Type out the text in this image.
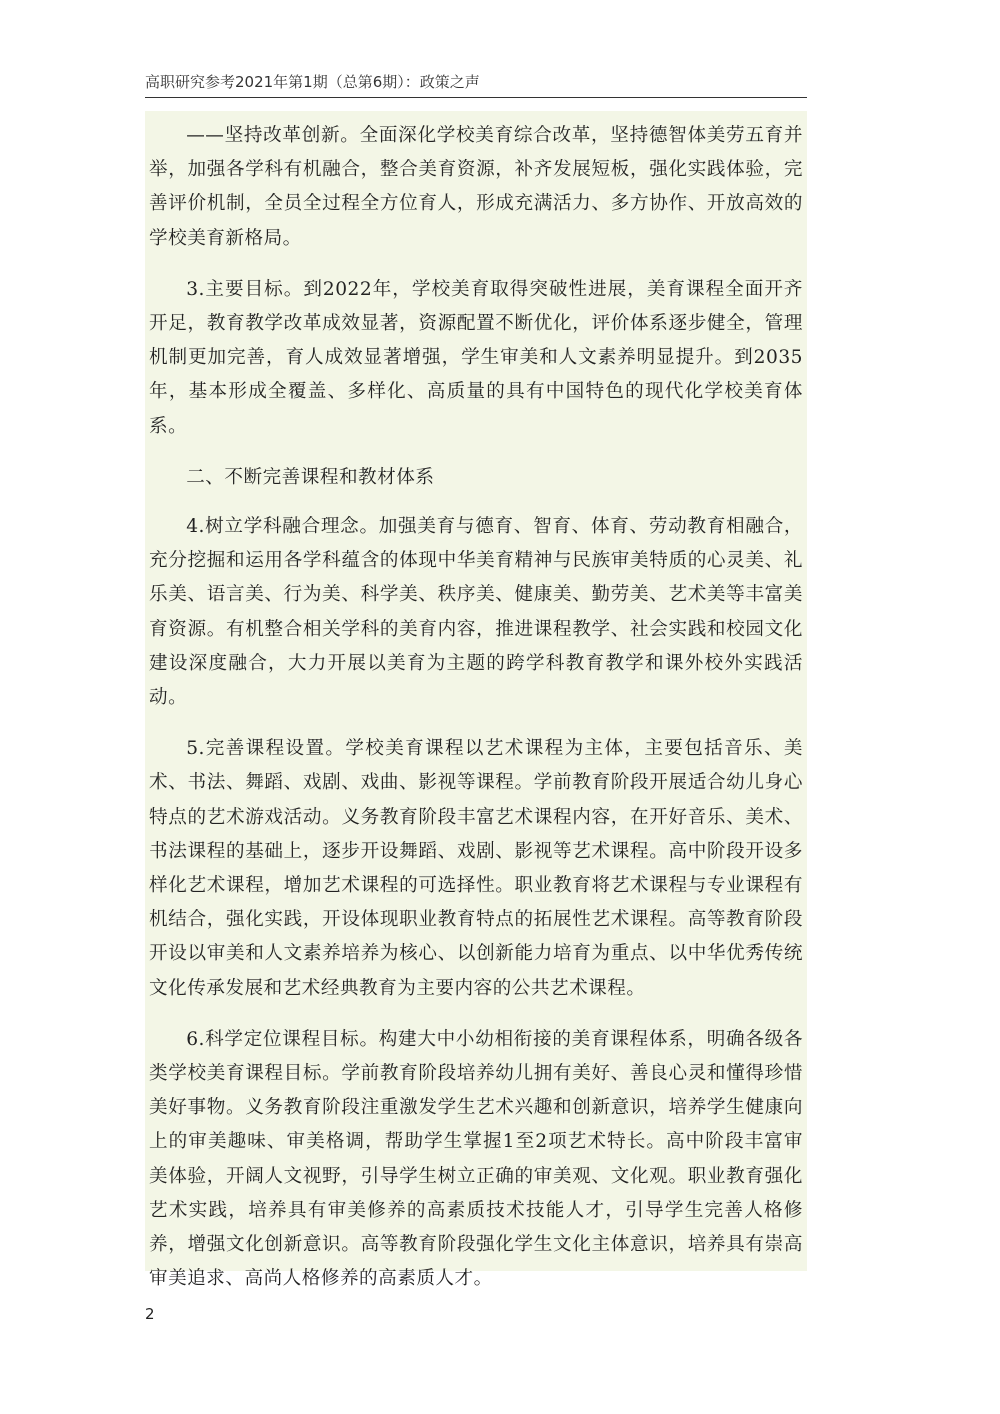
高职研究参考2021年第1期（总第6期）：政策之声

——坚持改革创新。全面深化学校美育综合改革，坚持德智体美劳五育并举，加强各学科有机融合，整合美育资源，补齐发展短板，强化实践体验，完善评价机制，全员全过程全方位育人，形成充满活力、多方协作、开放高效的学校美育新格局。

3.主要目标。到2022年，学校美育取得突破性进展，美育课程全面开齐开足，教育教学改革成效显著，资源配置不断优化，评价体系逐步健全，管理机制更加完善，育人成效显著增强，学生审美和人文素养明显提升。到2035年，基本形成全覆盖、多样化、高质量的具有中国特色的现代化学校美育体系。

二、不断完善课程和教材体系

4.树立学科融合理念。加强美育与德育、智育、体育、劳动教育相融合，充分挖掘和运用各学科蕴含的体现中华美育精神与民族审美特质的心灵美、礼乐美、语言美、行为美、科学美、秩序美、健康美、勤劳美、艺术美等丰富美育资源。有机整合相关学科的美育内容，推进课程教学、社会实践和校园文化建设深度融合，大力开展以美育为主题的跨学科教育教学和课外校外实践活动。

5.完善课程设置。学校美育课程以艺术课程为主体，主要包括音乐、美术、书法、舞蹈、戏剧、戏曲、影视等课程。学前教育阶段开展适合幼儿身心特点的艺术游戏活动。义务教育阶段丰富艺术课程内容，在开好音乐、美术、书法课程的基础上，逐步开设舞蹈、戏剧、影视等艺术课程。高中阶段开设多样化艺术课程，增加艺术课程的可选择性。职业教育将艺术课程与专业课程有机结合，强化实践，开设体现职业教育特点的拓展性艺术课程。高等教育阶段开设以审美和人文素养培养为核心、以创新能力培育为重点、以中华优秀传统文化传承发展和艺术经典教育为主要内容的公共艺术课程。

6.科学定位课程目标。构建大中小幼相衔接的美育课程体系，明确各级各类学校美育课程目标。学前教育阶段培养幼儿拥有美好、善良心灵和懂得珍惜美好事物。义务教育阶段注重激发学生艺术兴趣和创新意识，培养学生健康向上的审美趣味、审美格调，帮助学生掌握1至2项艺术特长。高中阶段丰富审美体验，开阔人文视野，引导学生树立正确的审美观、文化观。职业教育强化艺术实践，培养具有审美修养的高素质技术技能人才，引导学生完善人格修养，增强文化创新意识。高等教育阶段强化学生文化主体意识，培养具有崇高审美追求、高尚人格修养的高素质人才。

2
